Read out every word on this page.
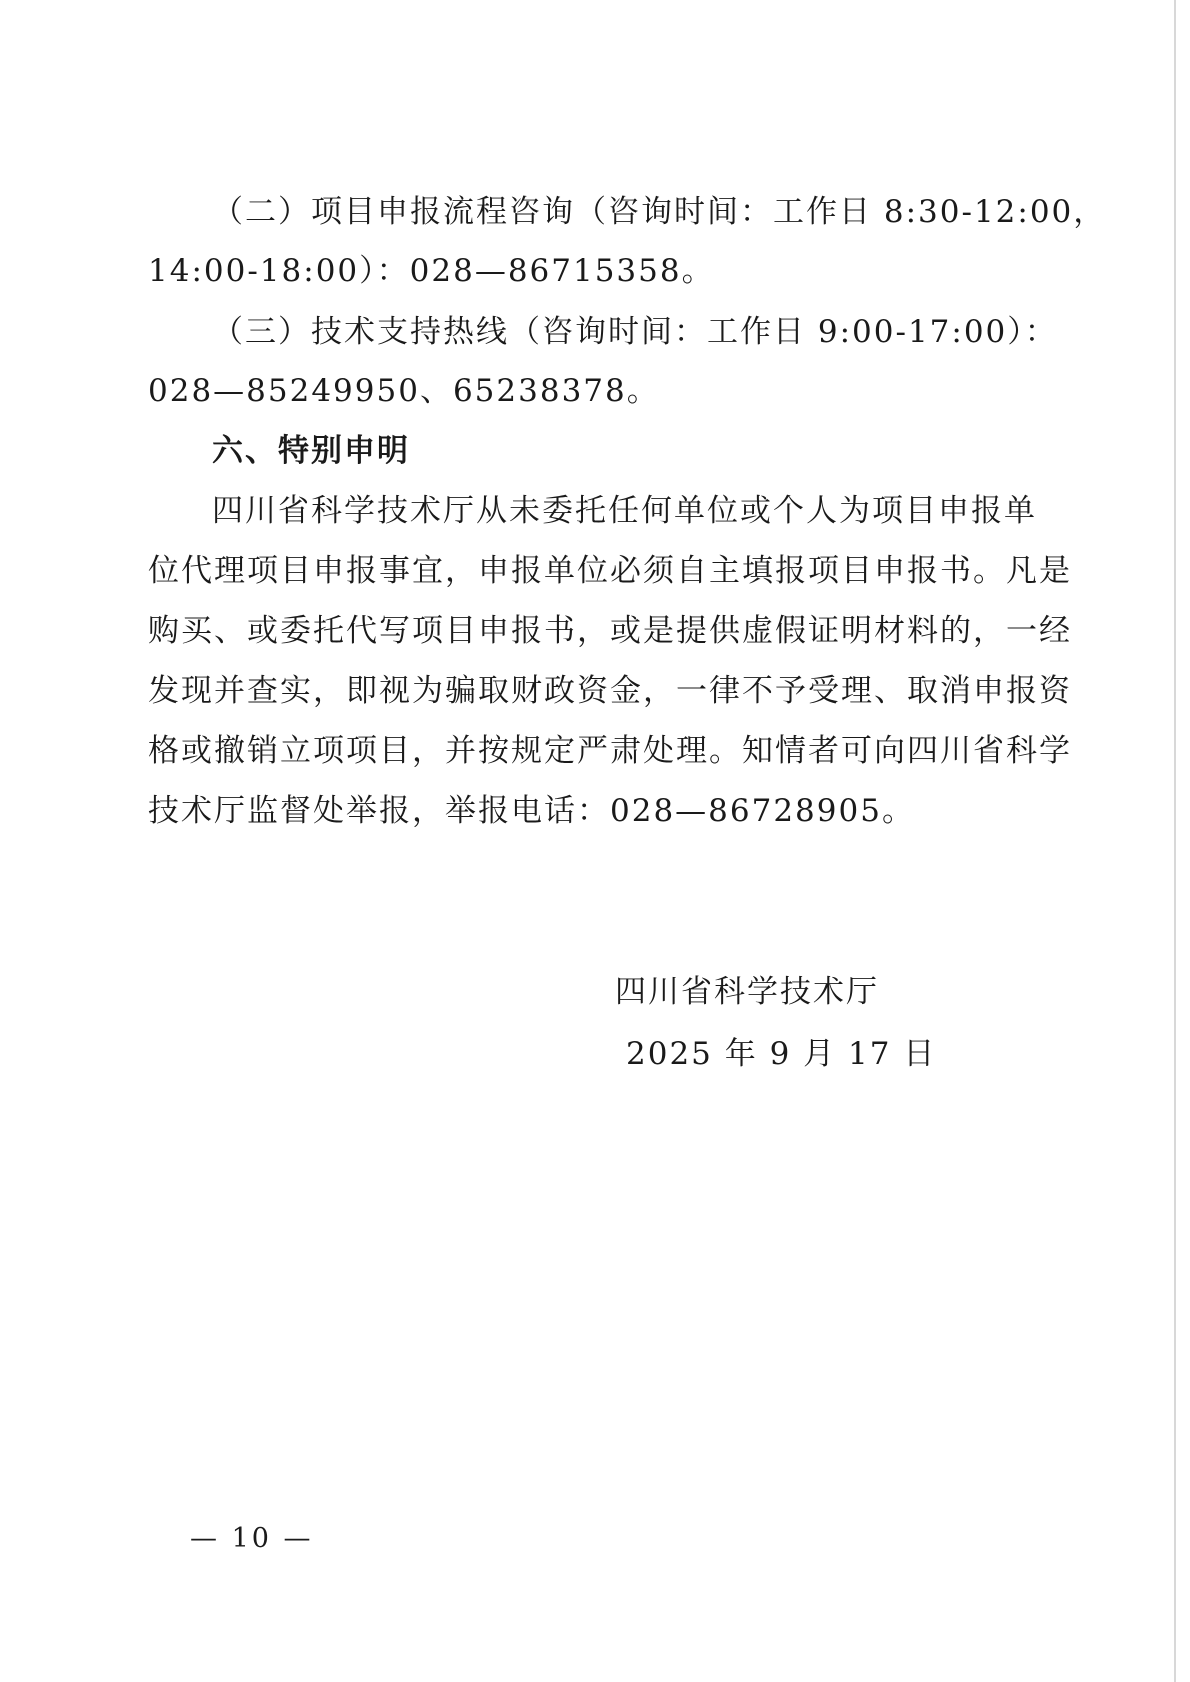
（二）项目申报流程咨询（咨询时间：工作日 8:30-12:00，
14:00-18:00）：028—86715358。
（三）技术支持热线（咨询时间：工作日 9:00-17:00）：
028—85249950、65238378。
六、特别申明
四川省科学技术厅从未委托任何单位或个人为项目申报单
位代理项目申报事宜，申报单位必须自主填报项目申报书。凡是
购买、或委托代写项目申报书，或是提供虚假证明材料的，一经
发现并查实，即视为骗取财政资金，一律不予受理、取消申报资
格或撤销立项项目，并按规定严肃处理。知情者可向四川省科学
技术厅监督处举报，举报电话：028—86728905。
四川省科学技术厅
2025 年 9 月 17 日
— 10 —
